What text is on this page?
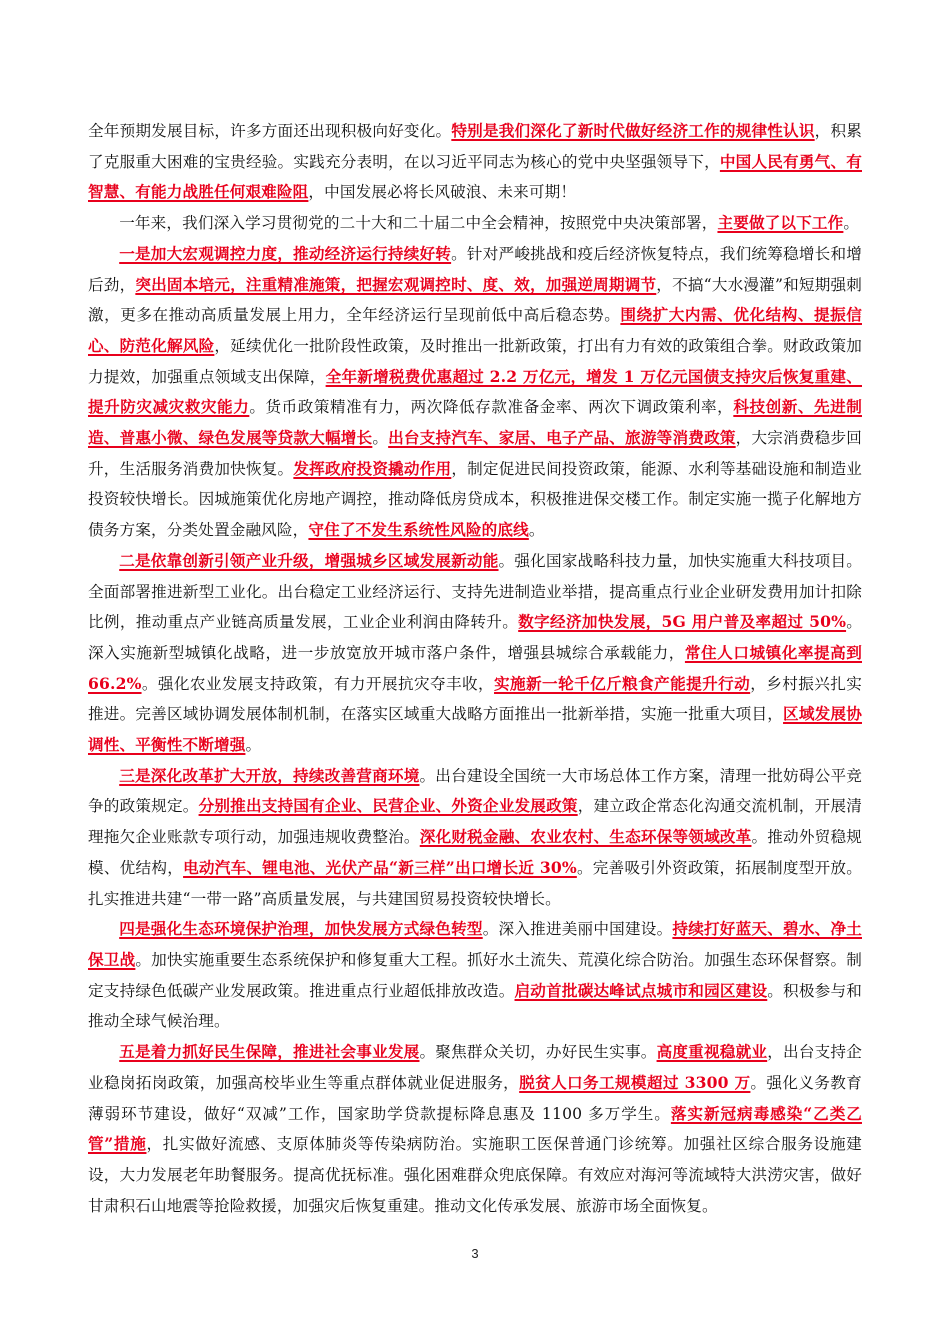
全年预期发展目标，许多方面还出现积极向好变化。特别是我们深化了新时代做好经济工作的规律性认识，积累了克服重大困难的宝贵经验。实践充分表明，在以习近平同志为核心的党中央坚强领导下，中国人民有勇气、有智慧、有能力战胜任何艰难险阻，中国发展必将长风破浪、未来可期！

一年来，我们深入学习贯彻党的二十大和二十届二中全会精神，按照党中央决策部署，主要做了以下工作。

一是加大宏观调控力度，推动经济运行持续好转。针对严峻挑战和疫后经济恢复特点，我们统筹稳增长和增后劲，突出固本培元，注重精准施策，把握宏观调控时、度、效，加强逆周期调节，不搞“大水漫灌”和短期强刺激，更多在推动高质量发展上用力，全年经济运行呈现前低中高后稳态势。围绕扩大内需、优化结构、提振信心、防范化解风险，延续优化一批阶段性政策，及时推出一批新政策，打出有力有效的政策组合拳。财政政策加力提效，加强重点领域支出保障，全年新增税费优惠超过 2.2 万亿元，增发 1 万亿元国债支持灾后恢复重建、提升防灾减灾救灾能力。货币政策精准有力，两次降低存款准备金率、两次下调政策利率，科技创新、先进制造、普惠小微、绿色发展等贷款大幅增长。出台支持汽车、家居、电子产品、旅游等消费政策，大宗消费稳步回升，生活服务消费加快恢复。发挥政府投资撬动作用，制定促进民间投资政策，能源、水利等基础设施和制造业投资较快增长。因城施策优化房地产调控，推动降低房贷成本，积极推进保交楼工作。制定实施一揽子化解地方债务方案，分类处置金融风险，守住了不发生系统性风险的底线。

二是依靠创新引领产业升级，增强城乡区域发展新动能。强化国家战略科技力量，加快实施重大科技项目。全面部署推进新型工业化。出台稳定工业经济运行、支持先进制造业举措，提高重点行业企业研发费用加计扣除比例，推动重点产业链高质量发展，工业企业利润由降转升。数字经济加快发展，5G 用户普及率超过 50%。深入实施新型城镇化战略，进一步放宽放开城市落户条件，增强县城综合承载能力，常住人口城镇化率提高到 66.2%。强化农业发展支持政策，有力开展抗灾夺丰收，实施新一轮千亿斤粮食产能提升行动，乡村振兴扎实推进。完善区域协调发展体制机制，在落实区域重大战略方面推出一批新举措，实施一批重大项目，区域发展协调性、平衡性不断增强。

三是深化改革扩大开放，持续改善营商环境。出台建设全国统一大市场总体工作方案，清理一批妨碍公平竞争的政策规定。分别推出支持国有企业、民营企业、外资企业发展政策，建立政企常态化沟通交流机制，开展清理拖欠企业账款专项行动，加强违规收费整治。深化财税金融、农业农村、生态环保等领域改革。推动外贸稳规模、优结构，电动汽车、锂电池、光伏产品“新三样”出口增长近 30%。完善吸引外资政策，拓展制度型开放。扎实推进共建“一带一路”高质量发展，与共建国贸易投资较快增长。

四是强化生态环境保护治理，加快发展方式绿色转型。深入推进美丽中国建设。持续打好蓝天、碧水、净土保卫战。加快实施重要生态系统保护和修复重大工程。抓好水土流失、荒漠化综合防治。加强生态环保督察。制定支持绿色低碳产业发展政策。推进重点行业超低排放改造。启动首批碳达峰试点城市和园区建设。积极参与和推动全球气候治理。

五是着力抓好民生保障，推进社会事业发展。聚焦群众关切，办好民生实事。高度重视稳就业，出台支持企业稳岗拓岗政策，加强高校毕业生等重点群体就业促进服务，脱贫人口务工规模超过 3300 万。强化义务教育薄弱环节建设，做好“双减”工作，国家助学贷款提标降息惠及 1100 多万学生。落实新冠病毒感染“乙类乙管”措施，扎实做好流感、支原体肺炎等传染病防治。实施职工医保普通门诊统筹。加强社区综合服务设施建设，大力发展老年助餐服务。提高优抚标准。强化困难群众兜底保障。有效应对海河等流域特大洪涝灾害，做好甘肃积石山地震等抢险救援，加强灾后恢复重建。推动文化传承发展、旅游市场全面恢复。

3
